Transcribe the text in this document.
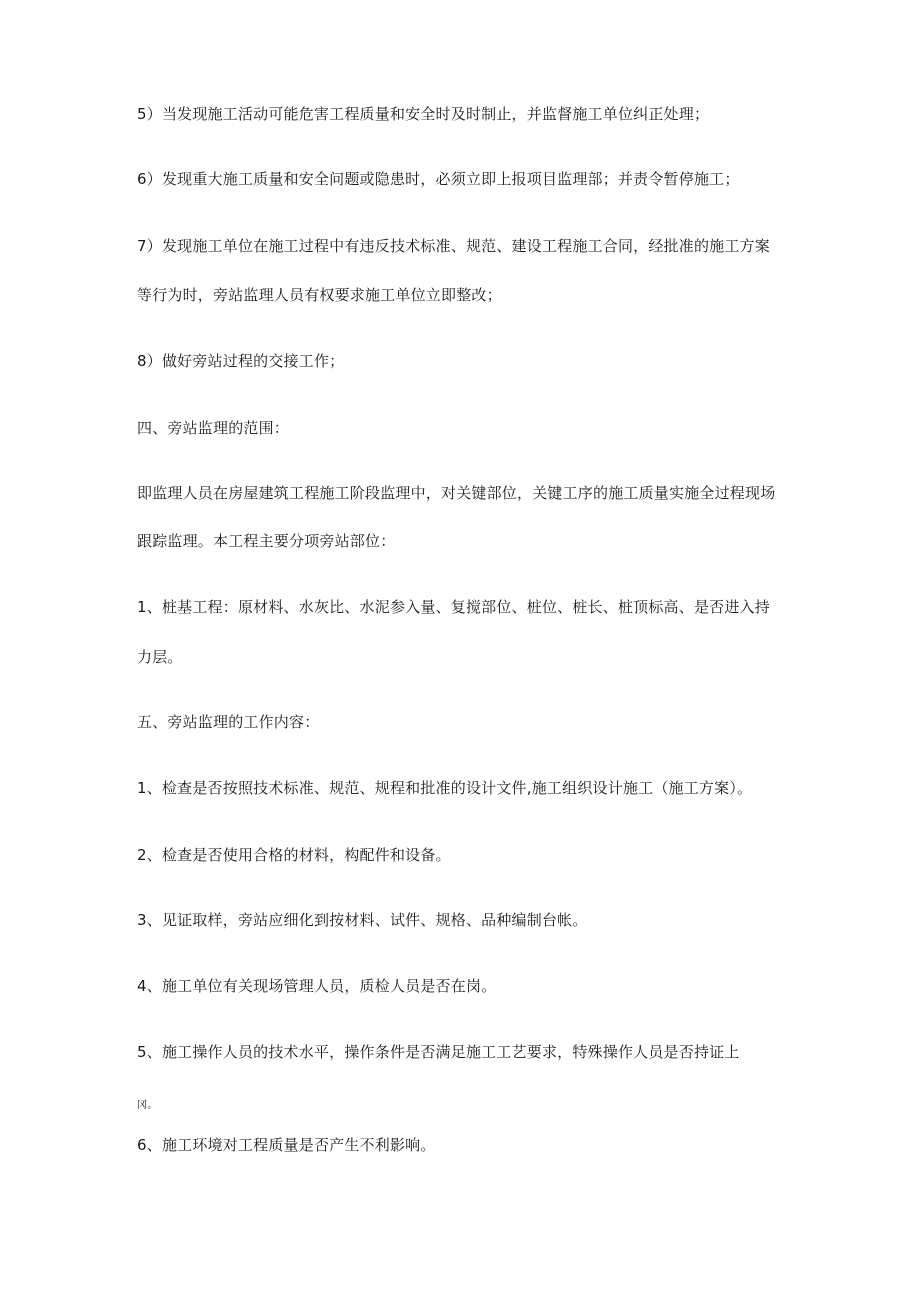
5）当发现施工活动可能危害工程质量和安全时及时制止，并监督施工单位纠正处理；
6）发现重大施工质量和安全问题或隐患时，必须立即上报项目监理部；并责令暂停施工；
7）发现施工单位在施工过程中有违反技术标准、规范、建设工程施工合同，经批准的施工方案
等行为时，旁站监理人员有权要求施工单位立即整改；
8）做好旁站过程的交接工作；
四、旁站监理的范围：
即监理人员在房屋建筑工程施工阶段监理中，对关键部位，关键工序的施工质量实施全过程现场
跟踪监理。本工程主要分项旁站部位：
1、桩基工程：原材料、水灰比、水泥参入量、复搅部位、桩位、桩长、桩顶标高、是否进入持
力层。
五、旁站监理的工作内容：
1、检查是否按照技术标准、规范、规程和批准的设计文件,施工组织设计施工（施工方案）。
2、检查是否使用合格的材料，构配件和设备。
3、见证取样，旁站应细化到按材料、试件、规格、品种编制台帐。
4、施工单位有关现场管理人员，质检人员是否在岗。
5、施工操作人员的技术水平，操作条件是否满足施工工艺要求，特殊操作人员是否持证上
冈。
6、施工环境对工程质量是否产生不利影响。
